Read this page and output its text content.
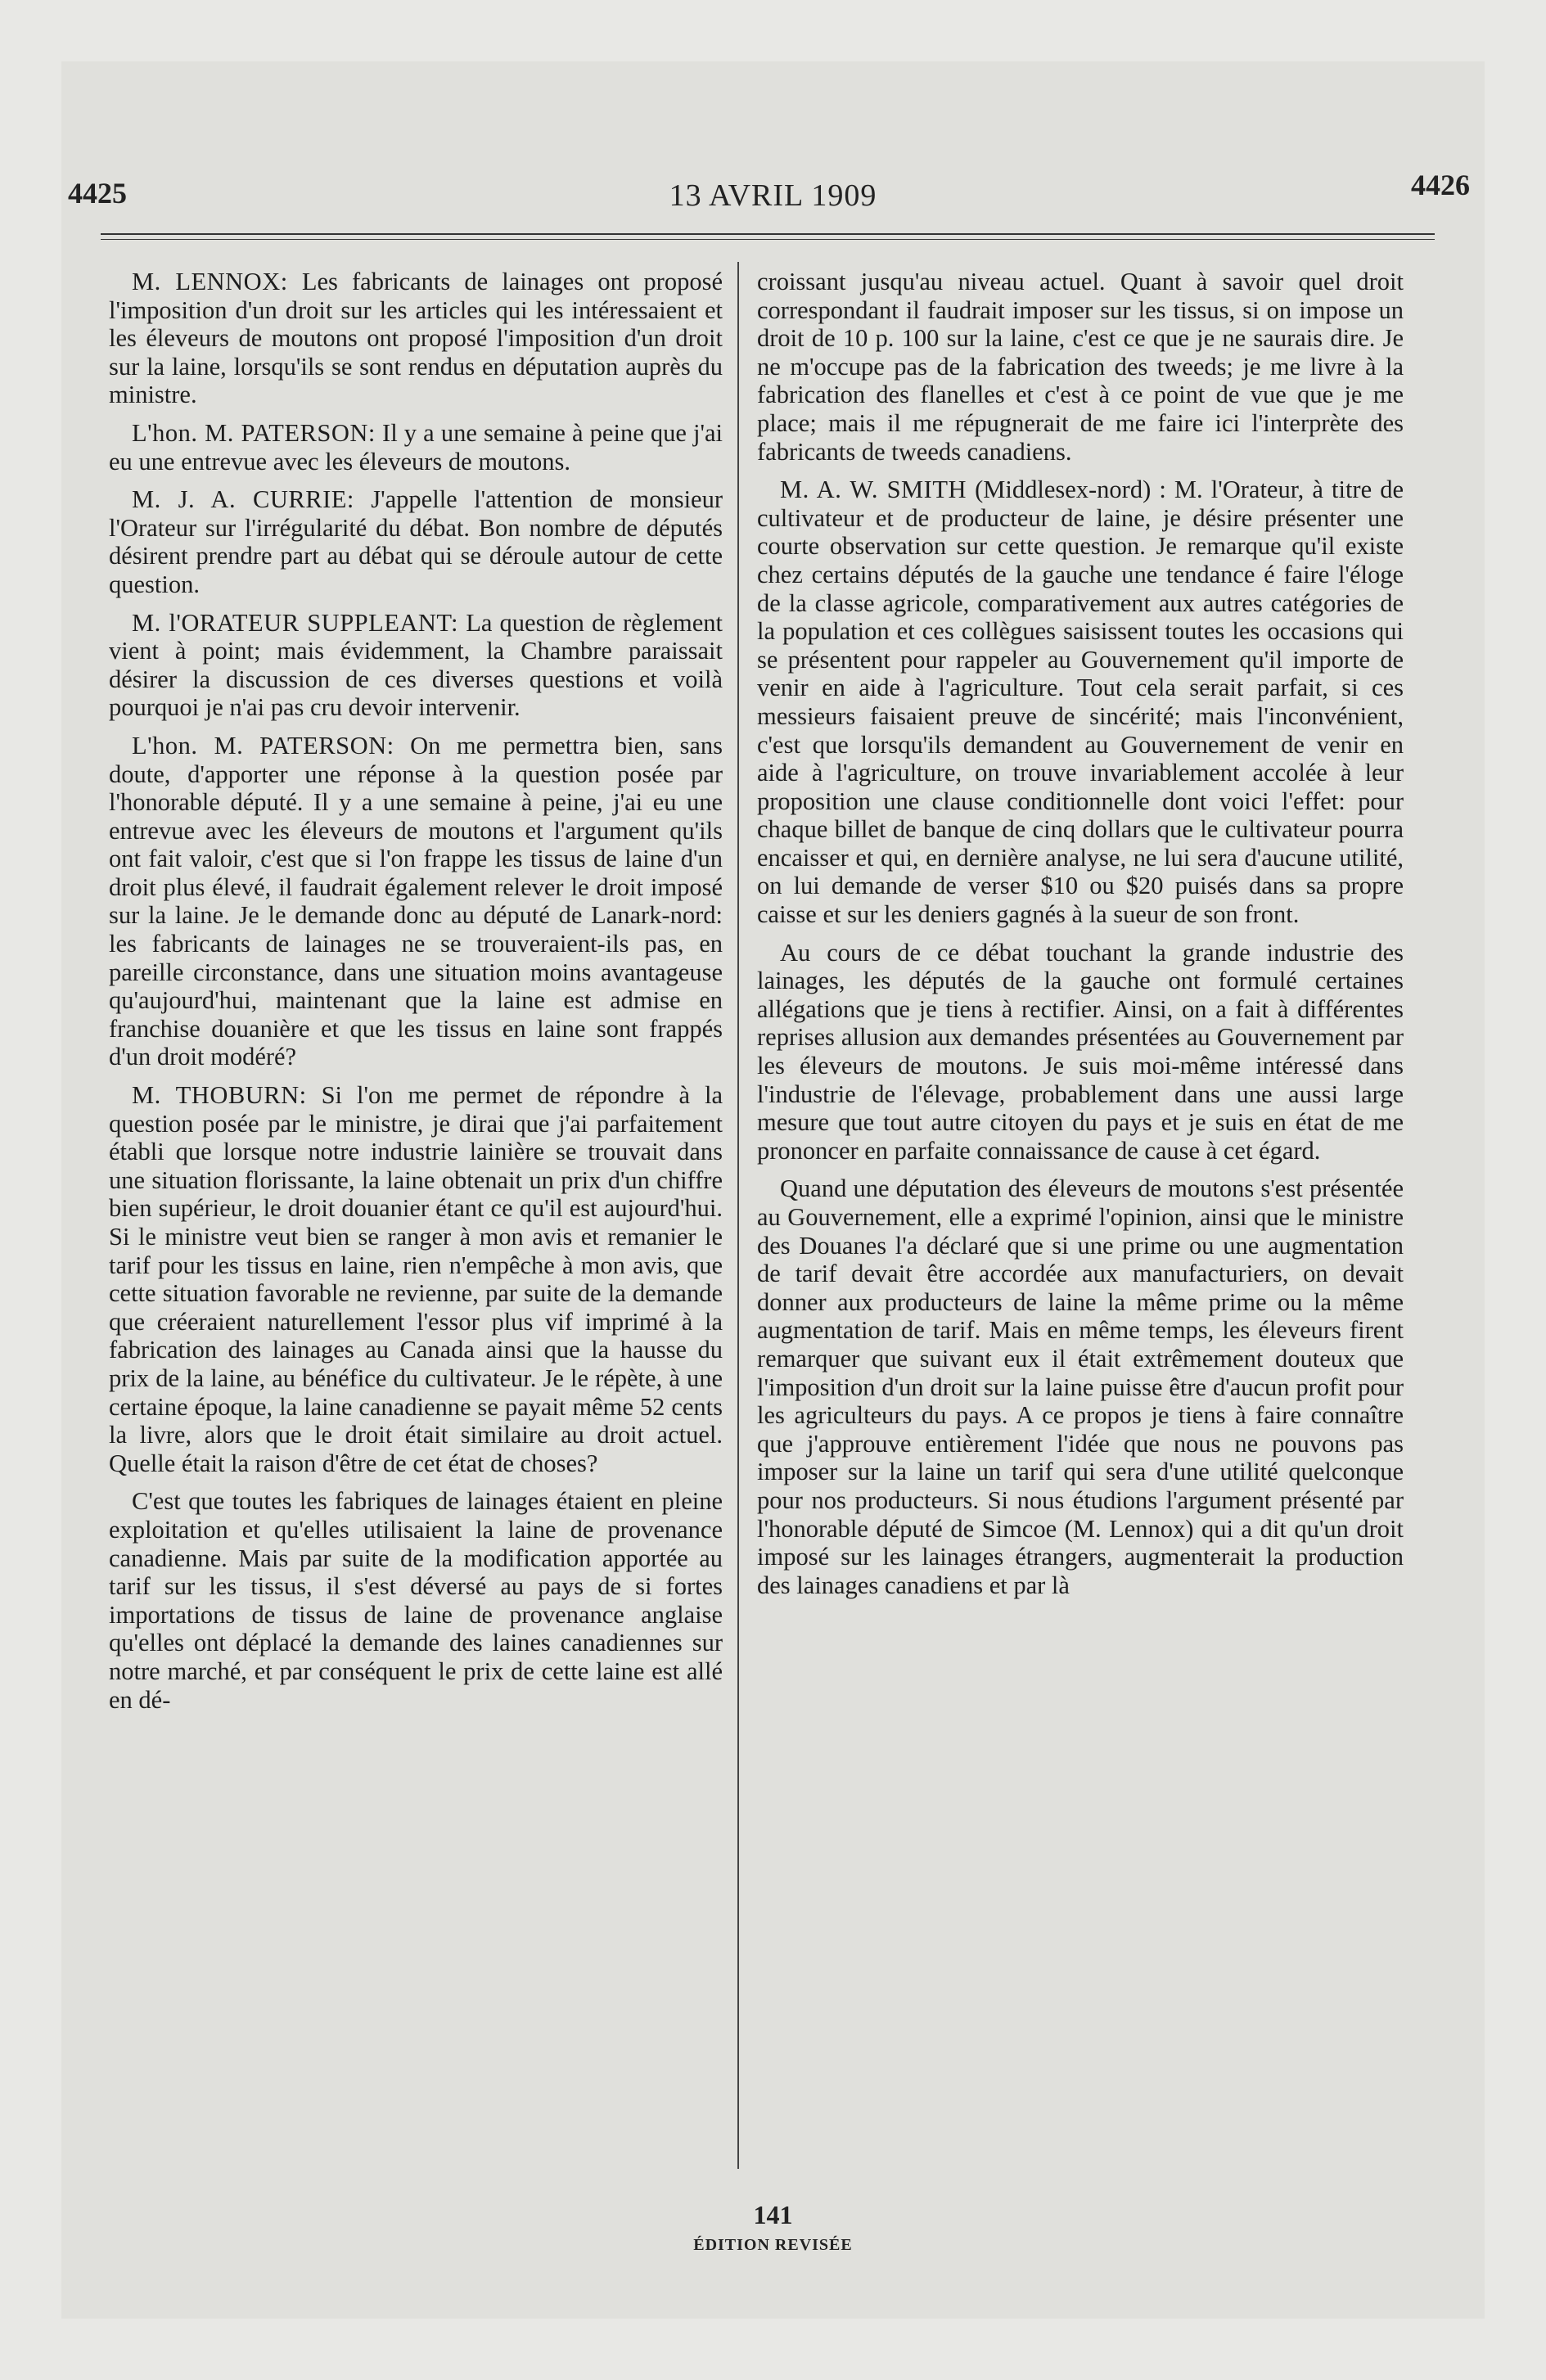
4425	13 AVRIL 1909	4426

M. LENNOX: Les fabricants de lainages ont proposé l'imposition d'un droit sur les articles qui les intéressaient et les éleveurs de moutons ont proposé l'imposition d'un droit sur la laine, lorsqu'ils se sont rendus en députation auprès du ministre.

L'hon. M. PATERSON: Il y a une semaine à peine que j'ai eu une entrevue avec les éleveurs de moutons.

M. J. A. CURRIE: J'appelle l'attention de monsieur l'Orateur sur l'irrégularité du débat. Bon nombre de députés désirent prendre part au débat qui se déroule autour de cette question.

M. l'ORATEUR SUPPLEANT: La question de règlement vient à point; mais évidemment, la Chambre paraissait désirer la discussion de ces diverses questions et voilà pourquoi je n'ai pas cru devoir intervenir.

L'hon. M. PATERSON: On me permettra bien, sans doute, d'apporter une réponse à la question posée par l'honorable député. Il y a une semaine à peine, j'ai eu une entrevue avec les éleveurs de moutons et l'argument qu'ils ont fait valoir, c'est que si l'on frappe les tissus de laine d'un droit plus élevé, il faudrait également relever le droit imposé sur la laine. Je le demande donc au député de Lanark-nord: les fabricants de lainages ne se trouveraient-ils pas, en pareille circonstance, dans une situation moins avantageuse qu'aujourd'hui, maintenant que la laine est admise en franchise douanière et que les tissus en laine sont frappés d'un droit modéré?

M. THOBURN: Si l'on me permet de répondre à la question posée par le ministre, je dirai que j'ai parfaitement établi que lorsque notre industrie lainière se trouvait dans une situation florissante, la laine obtenait un prix d'un chiffre bien supérieur, le droit douanier étant ce qu'il est aujourd'hui. Si le ministre veut bien se ranger à mon avis et remanier le tarif pour les tissus en laine, rien n'empêche à mon avis, que cette situation favorable ne revienne, par suite de la demande que créeraient naturellement l'essor plus vif imprimé à la fabrication des lainages au Canada ainsi que la hausse du prix de la laine, au bénéfice du cultivateur. Je le répète, à une certaine époque, la laine canadienne se payait même 52 cents la livre, alors que le droit était similaire au droit actuel. Quelle était la raison d'être de cet état de choses?

C'est que toutes les fabriques de lainages étaient en pleine exploitation et qu'elles utilisaient la laine de provenance canadienne. Mais par suite de la modification apportée au tarif sur les tissus, il s'est déversé au pays de si fortes importations de tissus de laine de provenance anglaise qu'elles ont déplacé la demande des laines canadiennes sur notre marché, et par conséquent le prix de cette laine est allé en dé-

croissant jusqu'au niveau actuel. Quant à savoir quel droit correspondant il faudrait imposer sur les tissus, si on impose un droit de 10 p. 100 sur la laine, c'est ce que je ne saurais dire. Je ne m'occupe pas de la fabrication des tweeds; je me livre à la fabrication des flanelles et c'est à ce point de vue que je me place; mais il me répugnerait de me faire ici l'interprète des fabricants de tweeds canadiens.

M. A. W. SMITH (Middlesex-nord) : M. l'Orateur, à titre de cultivateur et de producteur de laine, je désire présenter une courte observation sur cette question. Je remarque qu'il existe chez certains députés de la gauche une tendance é faire l'éloge de la classe agricole, comparativement aux autres catégories de la population et ces collègues saisissent toutes les occasions qui se présentent pour rappeler au Gouvernement qu'il importe de venir en aide à l'agriculture. Tout cela serait parfait, si ces messieurs faisaient preuve de sincérité; mais l'inconvénient, c'est que lorsqu'ils demandent au Gouvernement de venir en aide à l'agriculture, on trouve invariablement accolée à leur proposition une clause conditionnelle dont voici l'effet: pour chaque billet de banque de cinq dollars que le cultivateur pourra encaisser et qui, en dernière analyse, ne lui sera d'aucune utilité, on lui demande de verser $10 ou $20 puisés dans sa propre caisse et sur les deniers gagnés à la sueur de son front.

Au cours de ce débat touchant la grande industrie des lainages, les députés de la gauche ont formulé certaines allégations que je tiens à rectifier. Ainsi, on a fait à différentes reprises allusion aux demandes présentées au Gouvernement par les éleveurs de moutons. Je suis moi-même intéressé dans l'industrie de l'élevage, probablement dans une aussi large mesure que tout autre citoyen du pays et je suis en état de me prononcer en parfaite connaissance de cause à cet égard.

Quand une députation des éleveurs de moutons s'est présentée au Gouvernement, elle a exprimé l'opinion, ainsi que le ministre des Douanes l'a déclaré que si une prime ou une augmentation de tarif devait être accordée aux manufacturiers, on devait donner aux producteurs de laine la même prime ou la même augmentation de tarif. Mais en même temps, les éleveurs firent remarquer que suivant eux il était extrêmement douteux que l'imposition d'un droit sur la laine puisse être d'aucun profit pour les agriculteurs du pays. A ce propos je tiens à faire connaître que j'approuve entièrement l'idée que nous ne pouvons pas imposer sur la laine un tarif qui sera d'une utilité quelconque pour nos producteurs. Si nous étudions l'argument présenté par l'honorable député de Simcoe (M. Lennox) qui a dit qu'un droit imposé sur les lainages étrangers, augmenterait la production des lainages canadiens et par là

141
ÉDITION REVISÉE
